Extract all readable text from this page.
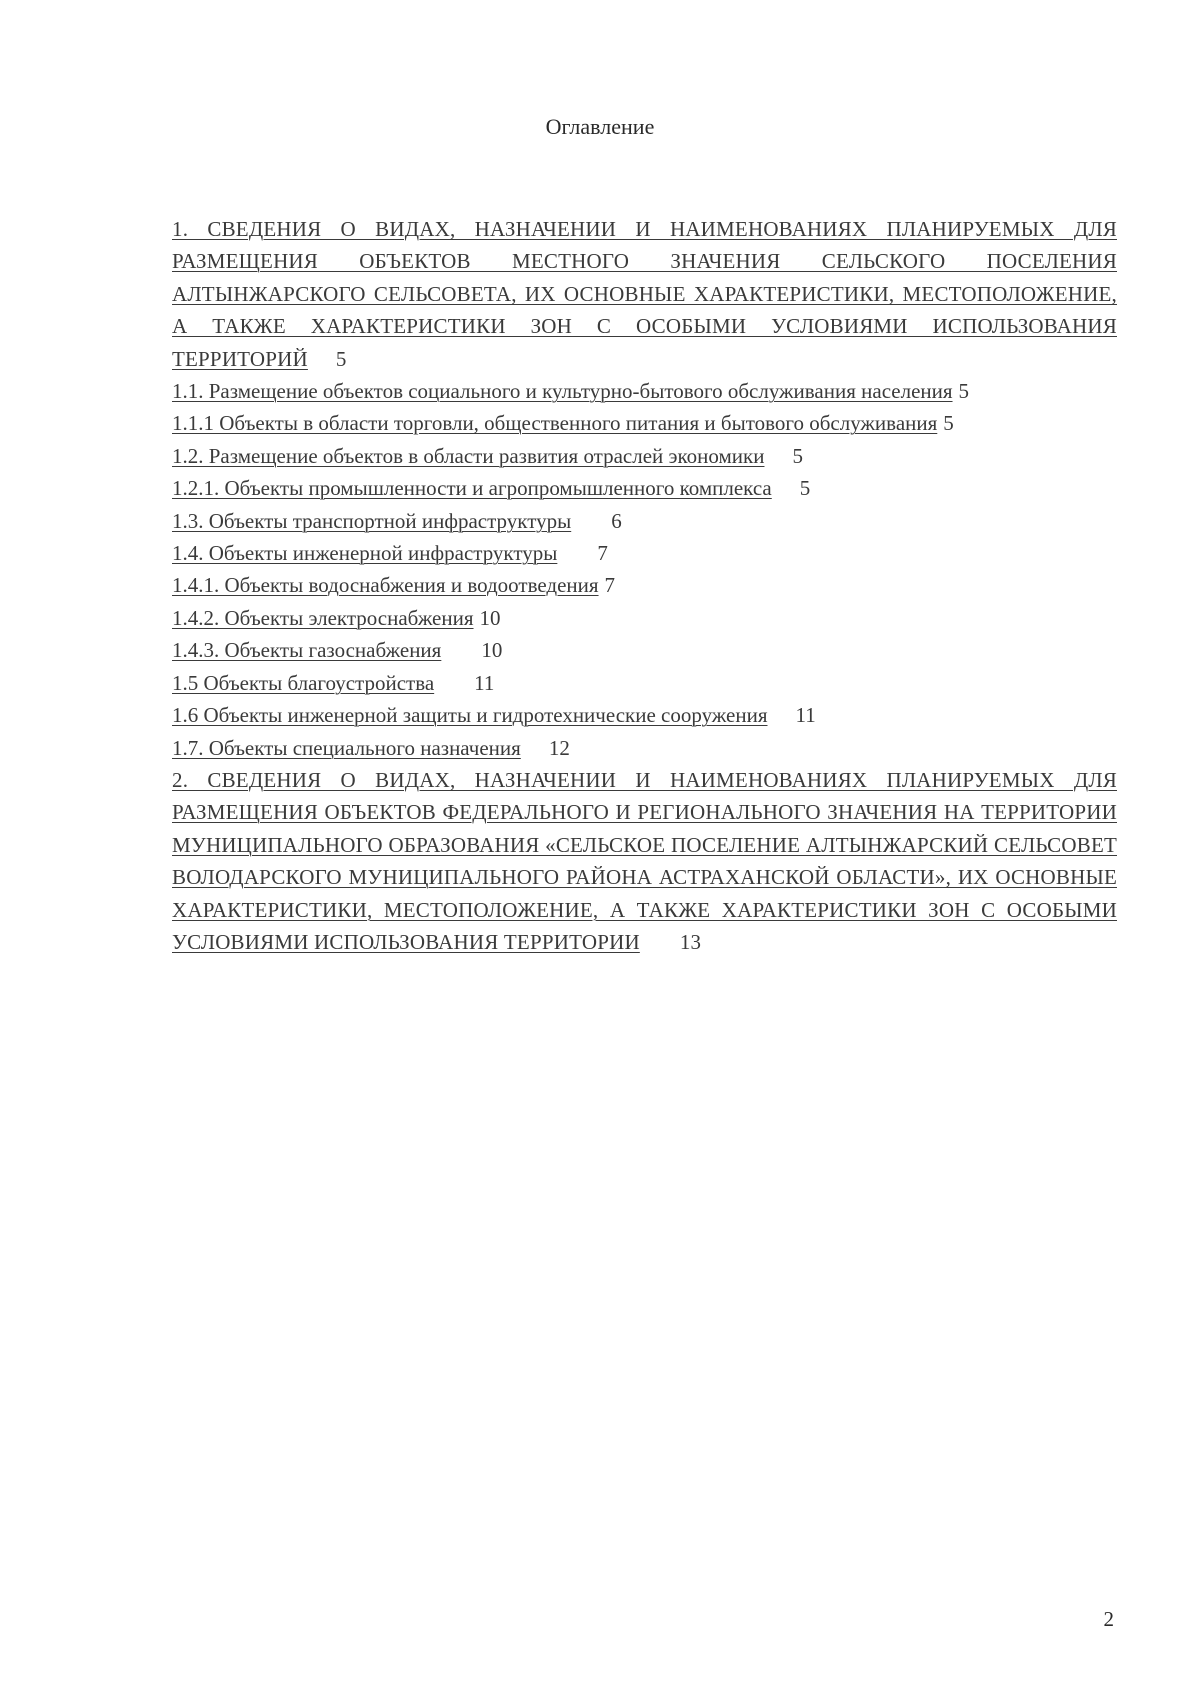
Оглавление
1. СВЕДЕНИЯ О ВИДАХ, НАЗНАЧЕНИИ И НАИМЕНОВАНИЯХ ПЛАНИРУЕМЫХ ДЛЯ РАЗМЕЩЕНИЯ ОБЪЕКТОВ МЕСТНОГО ЗНАЧЕНИЯ СЕЛЬСКОГО ПОСЕЛЕНИЯ АЛТЫНЖАРСКОГО СЕЛЬСОВЕТА, ИХ ОСНОВНЫЕ ХАРАКТЕРИСТИКИ, МЕСТОПОЛОЖЕНИЕ, А ТАКЖЕ ХАРАКТЕРИСТИКИ ЗОН С ОСОБЫМИ УСЛОВИЯМИ ИСПОЛЬЗОВАНИЯ ТЕРРИТОРИЙ 5
1.1. Размещение объектов социального и культурно-бытового обслуживания населения 5
1.1.1 Объекты в области торговли, общественного питания и бытового обслуживания 5
1.2. Размещение объектов в области развития отраслей экономики 5
1.2.1. Объекты промышленности и агропромышленного комплекса 5
1.3. Объекты транспортной инфраструктуры 6
1.4. Объекты инженерной инфраструктуры 7
1.4.1. Объекты водоснабжения и водоотведения 7
1.4.2. Объекты электроснабжения 10
1.4.3. Объекты газоснабжения 10
1.5 Объекты благоустройства 11
1.6 Объекты инженерной защиты и гидротехнические сооружения 11
1.7. Объекты специального назначения 12
2. СВЕДЕНИЯ О ВИДАХ, НАЗНАЧЕНИИ И НАИМЕНОВАНИЯХ ПЛАНИРУЕМЫХ ДЛЯ РАЗМЕЩЕНИЯ ОБЪЕКТОВ ФЕДЕРАЛЬНОГО И РЕГИОНАЛЬНОГО ЗНАЧЕНИЯ НА ТЕРРИТОРИИ МУНИЦИПАЛЬНОГО ОБРАЗОВАНИЯ «СЕЛЬСКОЕ ПОСЕЛЕНИЕ АЛТЫНЖАРСКИЙ СЕЛЬСОВЕТ ВОЛОДАРСКОГО МУНИЦИПАЛЬНОГО РАЙОНА АСТРАХАНСКОЙ ОБЛАСТИ», ИХ ОСНОВНЫЕ ХАРАКТЕРИСТИКИ, МЕСТОПОЛОЖЕНИЕ, А ТАКЖЕ ХАРАКТЕРИСТИКИ ЗОН С ОСОБЫМИ УСЛОВИЯМИ ИСПОЛЬЗОВАНИЯ ТЕРРИТОРИИ 13
2
